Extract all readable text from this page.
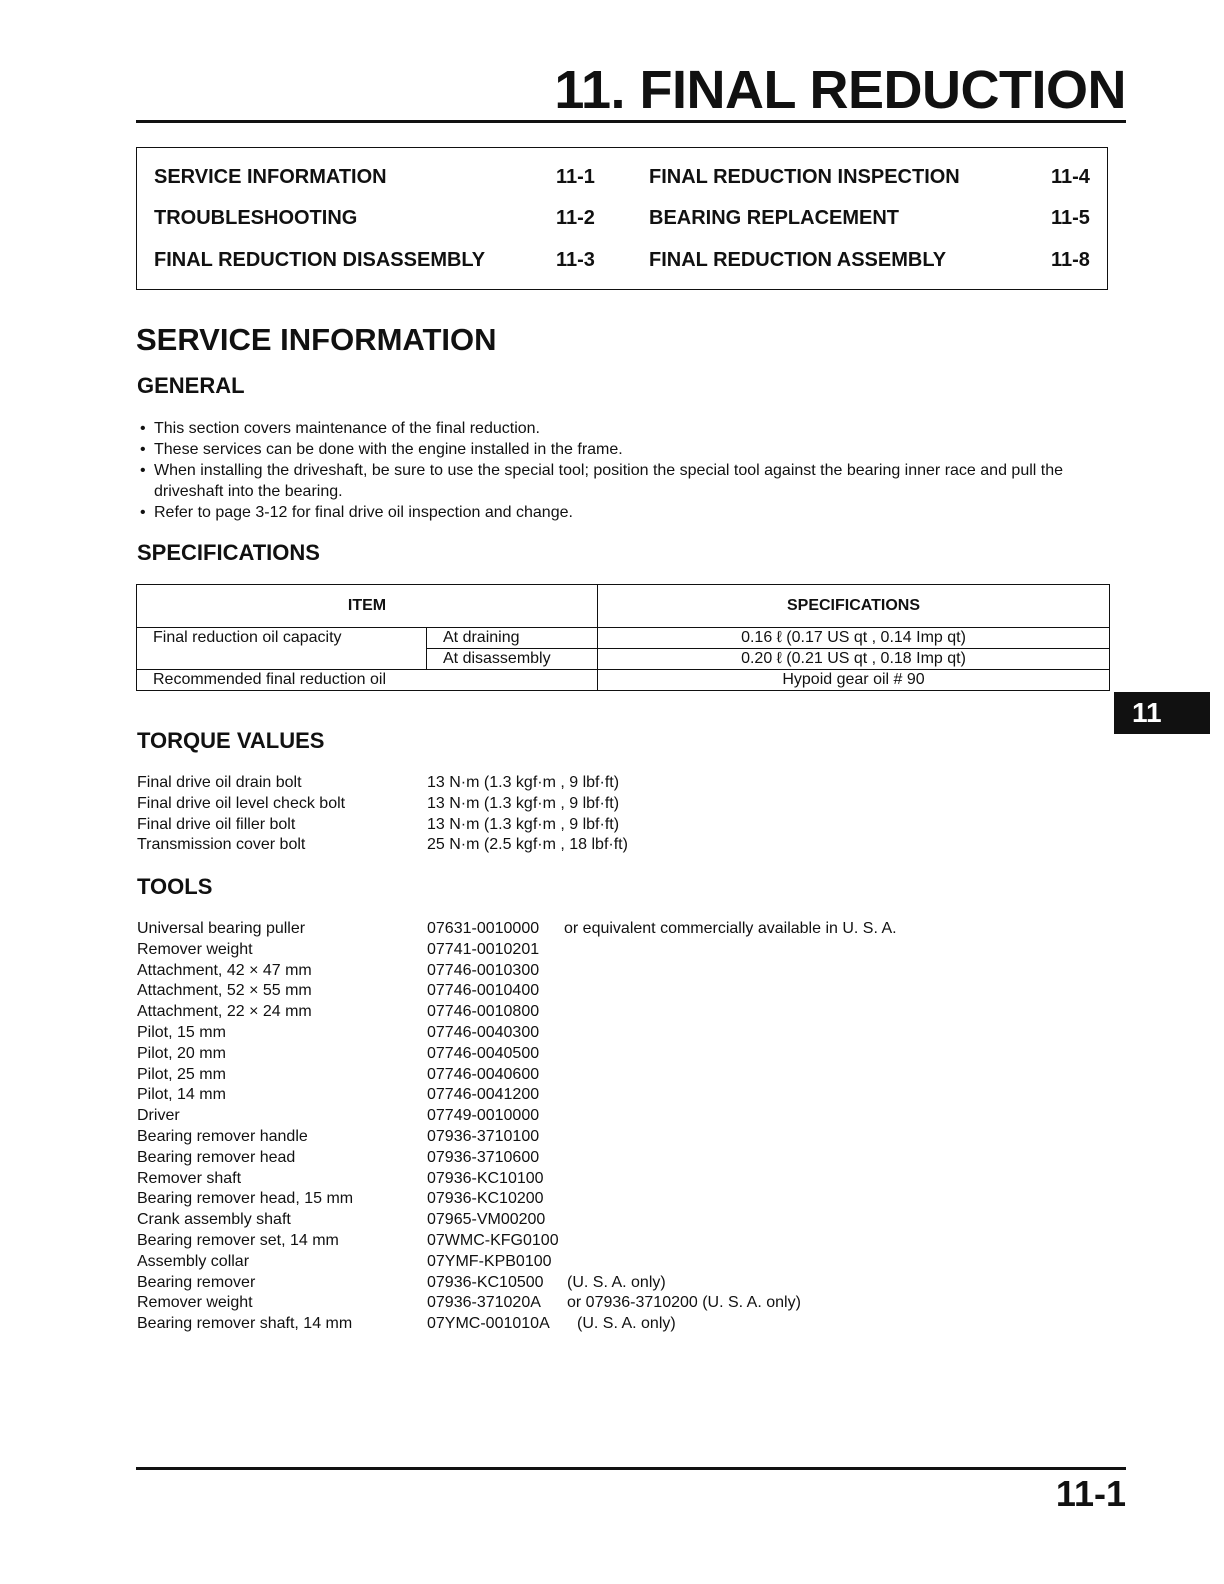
11. FINAL REDUCTION
SERVICE INFORMATION	11-1
TROUBLESHOOTING	11-2
FINAL REDUCTION DISASSEMBLY	11-3
FINAL REDUCTION INSPECTION	11-4
BEARING REPLACEMENT	11-5
FINAL REDUCTION ASSEMBLY	11-8
SERVICE INFORMATION
GENERAL
• This section covers maintenance of the final reduction.
• These services can be done with the engine installed in the frame.
• When installing the driveshaft, be sure to use the special tool; position the special tool against the bearing inner race and pull the driveshaft into the bearing.
• Refer to page 3-12 for final drive oil inspection and change.
SPECIFICATIONS
ITEM		SPECIFICATIONS
Final reduction oil capacity	At draining	0.16 ℓ (0.17 US qt , 0.14 Imp qt)
	At disassembly	0.20 ℓ (0.21 US qt , 0.18 Imp qt)
Recommended final reduction oil		Hypoid gear oil # 90
11
TORQUE VALUES
Final drive oil drain bolt	13 N·m (1.3 kgf·m , 9 lbf·ft)
Final drive oil level check bolt	13 N·m (1.3 kgf·m , 9 lbf·ft)
Final drive oil filler bolt	13 N·m (1.3 kgf·m , 9 lbf·ft)
Transmission cover bolt	25 N·m (2.5 kgf·m , 18 lbf·ft)
TOOLS
Universal bearing puller	07631-0010000 or equivalent commercially available in U. S. A.
Remover weight	07741-0010201
Attachment, 42 × 47 mm	07746-0010300
Attachment, 52 × 55 mm	07746-0010400
Attachment, 22 × 24 mm	07746-0010800
Pilot, 15 mm	07746-0040300
Pilot, 20 mm	07746-0040500
Pilot, 25 mm	07746-0040600
Pilot, 14 mm	07746-0041200
Driver	07749-0010000
Bearing remover handle	07936-3710100
Bearing remover head	07936-3710600
Remover shaft	07936-KC10100
Bearing remover head, 15 mm	07936-KC10200
Crank assembly shaft	07965-VM00200
Bearing remover set, 14 mm	07WMC-KFG0100
Assembly collar	07YMF-KPB0100
Bearing remover	07936-KC10500 (U. S. A. only)
Remover weight	07936-371020A or 07936-3710200 (U. S. A. only)
Bearing remover shaft, 14 mm	07YMC-001010A (U. S. A. only)
11-1
